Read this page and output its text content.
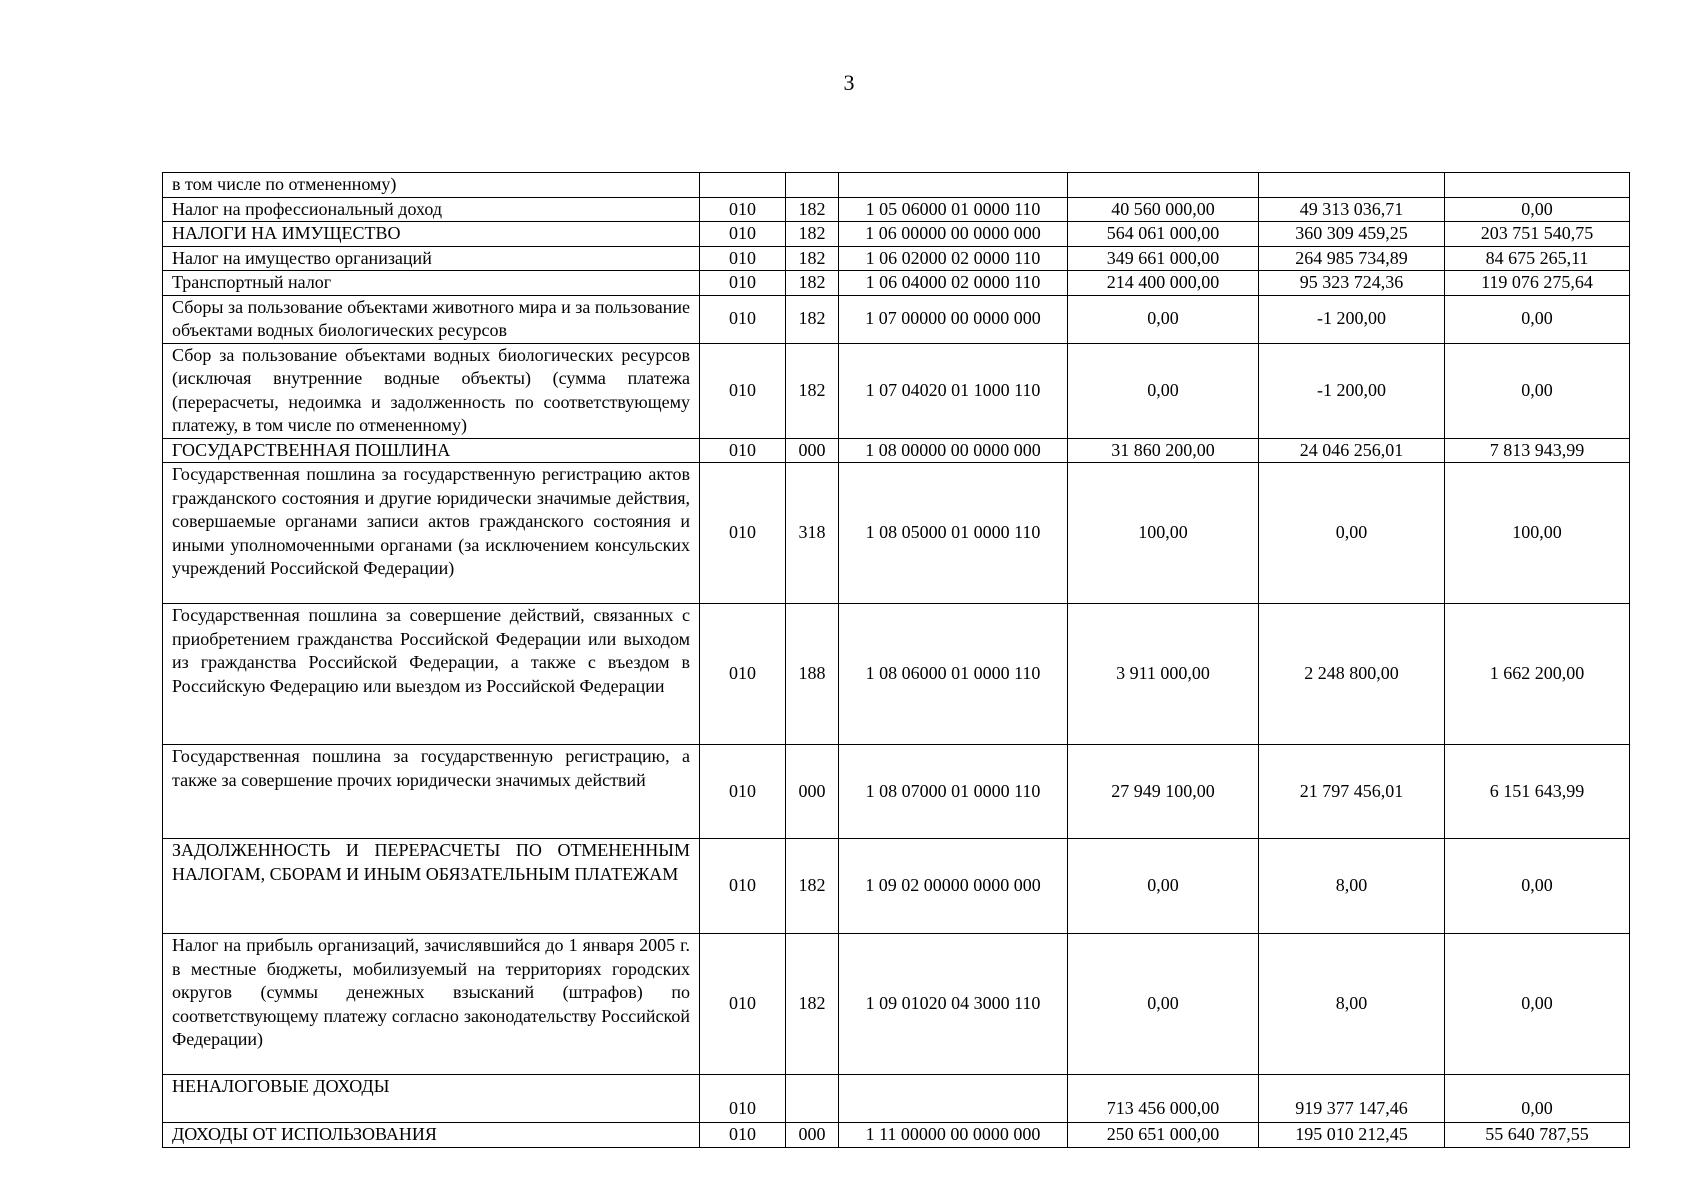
3
в том числе по отмененному)						
Налог на профессиональный доход	010	182	1 05 06000 01 0000 110	40 560 000,00	49 313 036,71	0,00
НАЛОГИ НА ИМУЩЕСТВО	010	182	1 06 00000 00 0000 000	564 061 000,00	360 309 459,25	203 751 540,75
Налог на имущество организаций	010	182	1 06 02000 02 0000 110	349 661 000,00	264 985 734,89	84 675 265,11
Транспортный налог	010	182	1 06 04000 02 0000 110	214 400 000,00	95 323 724,36	119 076 275,64
Сборы за пользование объектами животного мира и за пользование объектами водных биологических ресурсов	010	182	1 07 00000 00 0000 000	0,00	-1 200,00	0,00
Сбор за пользование объектами водных биологических ресурсов (исключая внутренние водные объекты) (сумма платежа (перерасчеты, недоимка и задолженность по соответствующему платежу, в том числе по отмененному)	010	182	1 07 04020 01 1000 110	0,00	-1 200,00	0,00
ГОСУДАРСТВЕННАЯ ПОШЛИНА	010	000	1 08 00000 00 0000 000	31 860 200,00	24 046 256,01	7 813 943,99
Государственная пошлина за государственную регистрацию актов гражданского состояния и другие юридически значимые действия, совершаемые органами записи актов гражданского состояния и иными уполномоченными органами (за исключением консульских учреждений Российской Федерации)	010	318	1 08 05000 01 0000 110	100,00	0,00	100,00
Государственная пошлина за совершение действий, связанных с приобретением гражданства Российской Федерации или выходом из гражданства Российской Федерации, а также с въездом в Российскую Федерацию или выездом из Российской Федерации	010	188	1 08 06000 01 0000 110	3 911 000,00	2 248 800,00	1 662 200,00
Государственная пошлина за государственную регистрацию, а также за совершение прочих юридически значимых действий	010	000	1 08 07000 01 0000 110	27 949 100,00	21 797 456,01	6 151 643,99
ЗАДОЛЖЕННОСТЬ И ПЕРЕРАСЧЕТЫ ПО ОТМЕНЕННЫМ НАЛОГАМ, СБОРАМ И ИНЫМ ОБЯЗАТЕЛЬНЫМ ПЛАТЕЖАМ	010	182	1 09 02 00000 0000 000	0,00	8,00	0,00
Налог на прибыль организаций, зачислявшийся до 1 января 2005 г. в местные бюджеты, мобилизуемый на территориях городских округов (суммы денежных взысканий (штрафов) по соответствующему платежу согласно законодательству Российской Федерации)	010	182	1 09 01020 04 3000 110	0,00	8,00	0,00
НЕНАЛОГОВЫЕ ДОХОДЫ	010			713 456 000,00	919 377 147,46	0,00
ДОХОДЫ ОТ ИСПОЛЬЗОВАНИЯ	010	000	1 11 00000 00 0000 000	250 651 000,00	195 010 212,45	55 640 787,55
